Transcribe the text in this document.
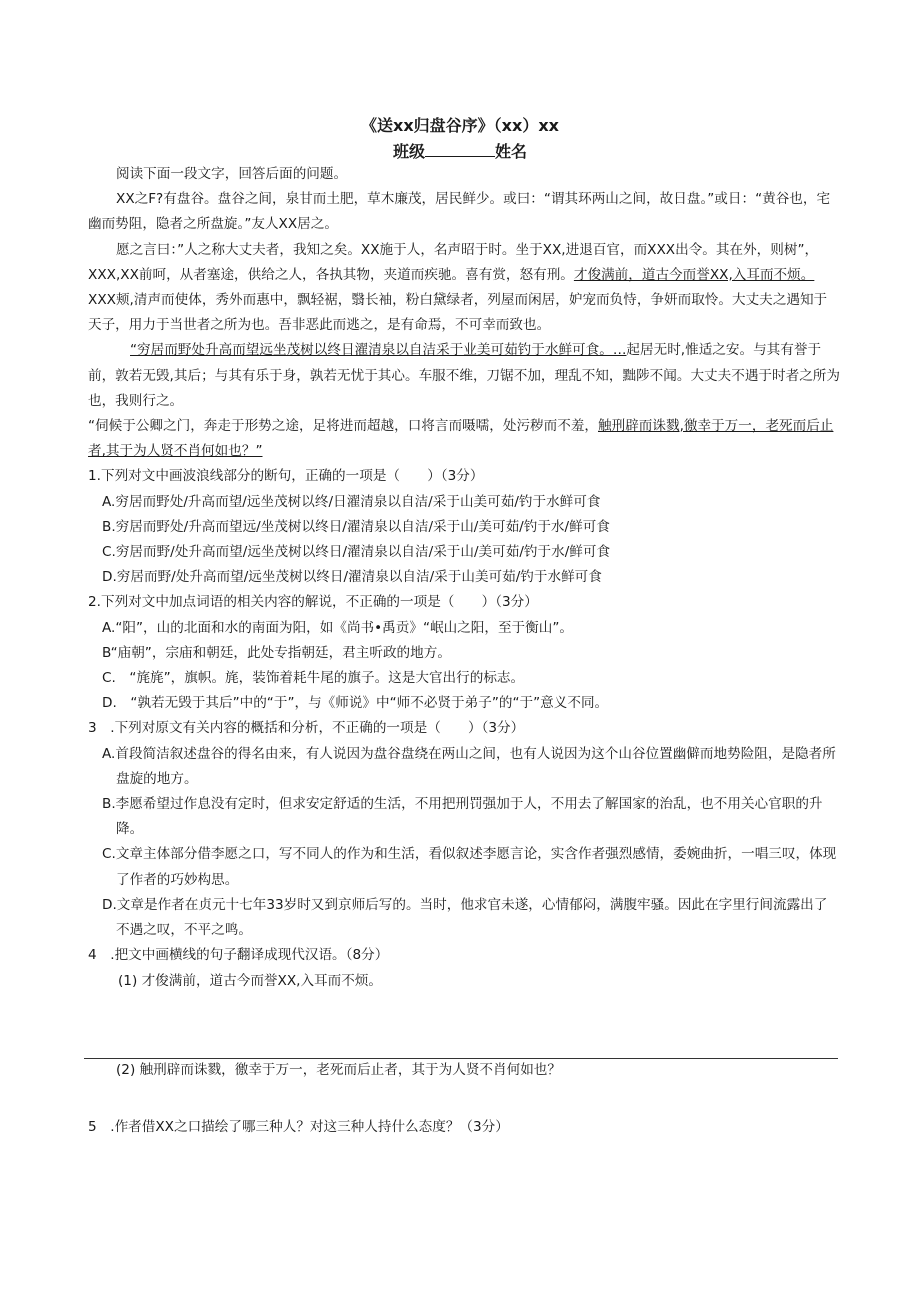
《送xx归盘谷序》（xx）xx
班级	姓名

阅读下面一段文字，回答后面的问题。

XX之F?有盘谷。盘谷之间，泉甘而土肥，草木廉茂，居民鲜少。或曰：“谓其环两山之间，故日盘。”或日：“黄谷也，宅幽而势阻，隐者之所盘旋。”友人XX居之。

愿之言曰：”人之称大丈夫者，我知之矣。XX施于人，名声昭于时。坐于XX,进退百官，而XXX出令。其在外，则树”，XXX,XX前呵，从者塞途，供给之人，各执其物，夹道而疾驰。喜有赏，怒有刑。才俊满前，道古今而誉XX,入耳而不烦。XXX颊,清声而使体，秀外而惠中，飘轻裾，翳长袖，粉白黛绿者，列屋而闲居，妒宠而负恃，争妍而取怜。大丈夫之遇知于天子，用力于当世者之所为也。吾非恶此而逃之，是有命焉，不可幸而致也。

“穷居而野处升高而望远坐茂树以终日濯清泉以自洁采于业美可茹钓于水鲜可食。…起居无时,惟适之安。与其有誉于前，敦若无毁,其后；与其有乐于身，孰若无忧于其心。车服不维，刀锯不加，理乱不知，黜陟不闻。大丈夫不遇于时者之所为也，我则行之。

“伺候于公卿之门，奔走于形势之途，足将进而超越，口将言而嗫嚅，处污秽而不羞，触刑辟而诛戮,徼幸于万一，老死而后止者,其于为人贤不肖何如也？”

1.下列对文中画波浪线部分的断句，正确的一项是（　　）（3分）

A.穷居而野处/升高而望/远坐茂树以终/日濯清泉以自洁/采于山美可茹/钓于水鲜可食

B.穷居而野处/升高而望远/坐茂树以终日/濯清泉以自洁/采于山/美可茹/钓于水/鲜可食

C.穷居而野/处升高而望/远坐茂树以终日/濯清泉以自洁/采于山/美可茹/钓于水/鲜可食

D.穷居而野/处升高而望/远坐茂树以终日/濯清泉以自洁/采于山美可茹/钓于水鲜可食

2.下列对文中加点词语的相关内容的解说，不正确的一项是（　　）（3分）

A.“阳”，山的北面和水的南面为阳，如《尚书•禹贡》“岷山之阳，至于衡山”。

B“庙朝”，宗庙和朝廷，此处专指朝廷，君主听政的地方。

C.　“旄旄”，旗帜。旄，装饰着耗牛尾的旗子。这是大官出行的标志。

D.　“孰若无毁于其后”中的“于”，与《师说》中“师不必贤于弟子”的“于”意义不同。

3　.下列对原文有关内容的概括和分析，不正确的一项是（　　）（3分）

A.首段简洁叙述盘谷的得名由来，有人说因为盘谷盘绕在两山之间，也有人说因为这个山谷位置幽僻而地势险阻，是隐者所盘旋的地方。

B.李愿希望过作息没有定时，但求安定舒适的生活，不用把刑罚强加于人，不用去了解国家的治乱，也不用关心官职的升降。

C.文章主体部分借李愿之口，写不同人的作为和生活，看似叙述李愿言论，实含作者强烈感情，委婉曲折，一唱三叹，体现了作者的巧妙构思。

D.文章是作者在贞元十七年33岁时又到京师后写的。当时，他求官未遂，心情郁闷，满腹牢骚。因此在字里行间流露出了不遇之叹，不平之鸣。

4　.把文中画横线的句子翻译成现代汉语。（8分）

(1) 才俊满前，道古今而誉XX,入耳而不烦。

(2) 触刑辟而诛戮，徼幸于万一，老死而后止者，其于为人贤不肖何如也？
5　.作者借XX之口描绘了哪三种人？对这三种人持什么态度？（3分）
